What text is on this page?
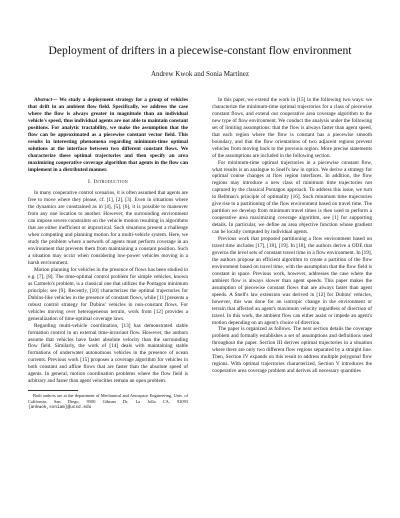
Deployment of drifters in a piecewise-constant flow environment
Andrew Kwok and Sonia Martínez

Abstract— We study a deployment strategy for a group of vehicles that drift in an ambient flow field. Specifically, we address the case where the flow is always greater in magnitude than an individual vehicle's speed, thus individual agents are not able to maintain constant positions. For analytic tractability, we make the assumption that the flow can be approximated as a piecewise constant vector field. This results in interesting phenomena regarding minimum-time optimal solutions at the interface between two different constant flows. We characterize these optimal trajectories and then specify an area maximizing cooperative coverage algorithm that agents in the flow can implement in a distributed manner.

I. Introduction

In many cooperative control scenarios, it is often assumed that agents are free to move where they please, cf. [1], [2], [3]. Even in situations where the dynamics are constrained as in [4], [5], [6], it is possible to maneuver from any one location to another. However, the surrounding environment can impose severe constraints on the vehicle motion resulting in algorithms that are either inefficient or impractical. Such situations present a challenge when computing and planning motion for a multi-vehicle system. Here, we study the problem where a network of agents must perform coverage in an environment that prevents them from maintaining a constant position. Such a situation may occur when considering low-power vehicles moving in a harsh environment.

Motion planning for vehicles in the presence of flows has been studied in e.g. [7], [8]. The time-optimal control problem for simple vehicles, known as Carmelo's problem, is a classical one that utilizes the Pontagon minimum principle; see [9]. Recently, [10] characterizes the optimal trajectories for Dubins-like vehicles in the presence of constant flows, while [11] presents a robust control strategy for Dubins' vehicles in non-constant flows. For vehicles moving over heterogeneous terrain, work from [12] provides a generalization of time-optimal coverage laws.

Regarding multi-vehicle coordination, [13] has demonstrated stable formation control in an external time-invariant flow. However, the authors assume that vehicles have faster absolute velocity than the surrounding flow field. Similarly, the work of [14] deals with maintaining stable formations of underwater autonomous vehicles in the presence of ocean currents. Previous work [15] proposes a coverage algorithm for vehicles in both constant and affine flows that are faster than the absolute speed of agents. In general, motion coordination problems where the flow field is arbitrary and faster than agent velocities remain an open problem.

Both authors are at the department of Mechanical and Aerospace Engineering, Univ. of California, San Diego, 9500 Gilman Dr, La Jolla CA, 92093 {ankwok,soniam}@ucsd.edu

In this paper, we extend the work in [15] in the following two ways: we characterize the minimum-time optimal trajectories for a class of piecewise constant flows, and extend our cooperative area coverage algorithm to the new type of flow environment. We conduct the analysis under the following set of limiting assumptions: that the flow is always faster than agent speed, that each region where the flow is constant has a piecewise smooth boundary, and that the flow orientations of two adjacent regions prevent vehicles from moving back to the previous region. More precise statements of the assumptions are included in the following section.

For minimum-time optimal trajectories in a piecewise constant flow, what results is an analogue to Snell's law in optics. We derive a strategy for optimal course changes at flow region interfaces. In addition, the flow regions may introduce a new class of minimum time trajectories not captured by the classical Pontagon approach. To address this issue, we turn to Bellman's principle of optimality [16]. Such minimum time trajectories give rise to a partitioning of the flow environment based on travel time. The partition we develop from minimum travel times is then used to perform a cooperative area maximizing coverage algorithm, see [1] for supporting details. In particular, we define an area objective function whose gradient can be locally computed by individual agents.

Previous work that proposed partitioning a flow environment based on travel time includes [17], [18], [19]. In [18], the authors derive a ODE that governs the level sets of constant travel time in a flow environment. In [19], the authors propose an efficient algorithm to create a partition of the flow environment based on travel time, with the assumption that the flow field is constant in space. Previous work, however, addresses the case where the ambient flow is always slower than agent speeds. This paper makes the assumption of piecewise constant flows that are always faster than agent speeds. A Snell's law extension was derived in [12] for Dubins' vehicles, however, this was done for an isotropic change in the environment or terrain that affected an agent's maximum velocity regardless of direction of travel. In this work, the ambient flow can either assist or impede an agent's motion depending on an agent's choice of direction.

The paper is organized as follows. The next section details the coverage problem and formally establishes a set of assumptions and definitions used throughout the paper. Section III derives optimal trajectories in a situation where there are only two different flow regions separated by a straight line. Then, Section IV expands on this result to address multiple polygonal flow regions. With optimal trajectories characterized, Section V introduces the cooperative area coverage problem and derives all necessary quantities
